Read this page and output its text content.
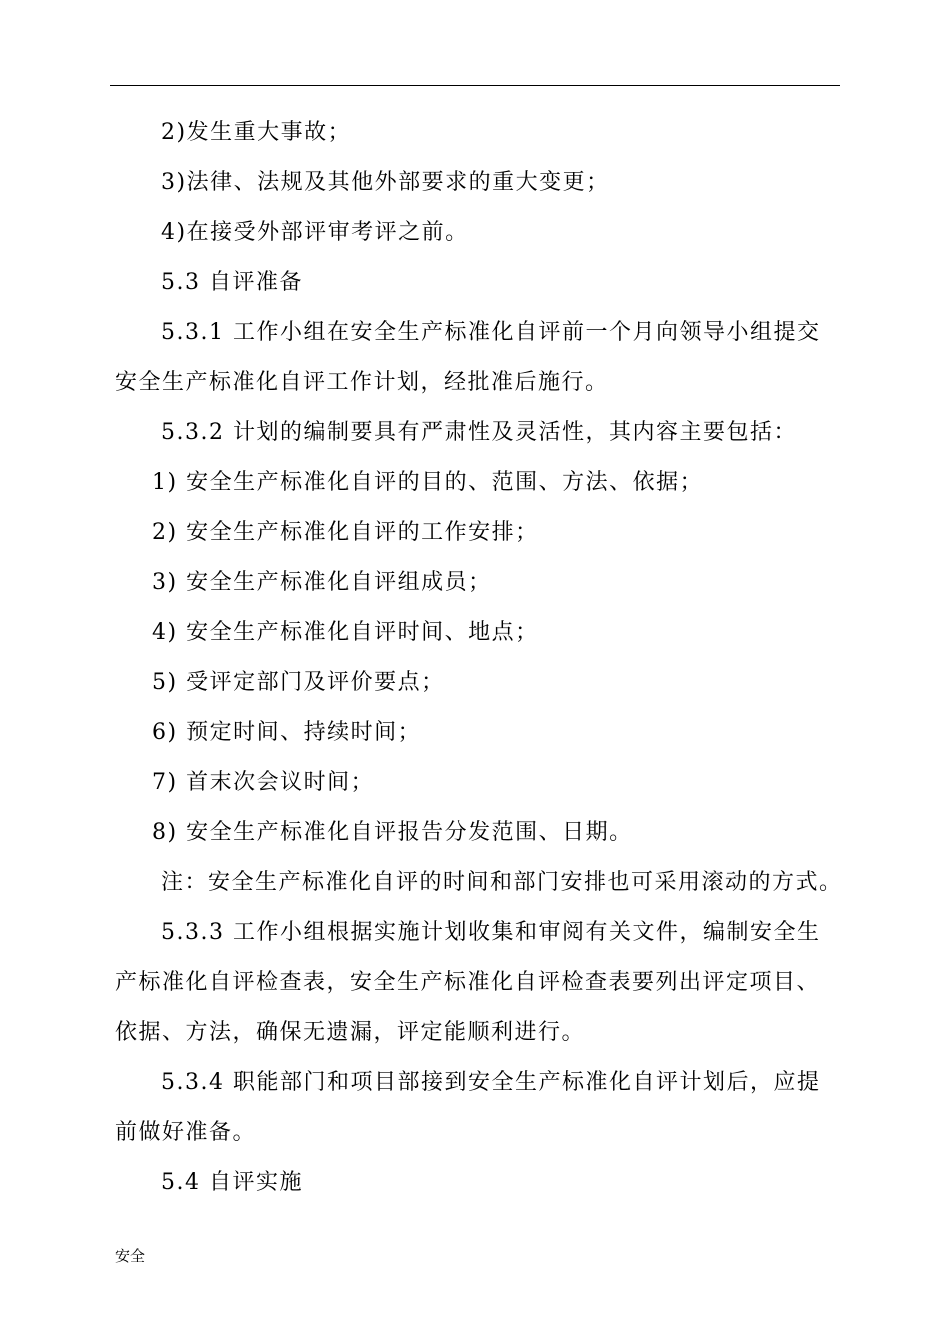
2)发生重大事故；
3)法律、法规及其他外部要求的重大变更；
4)在接受外部评审考评之前。
5.3 自评准备
5.3.1 工作小组在安全生产标准化自评前一个月向领导小组提交
安全生产标准化自评工作计划，经批准后施行。
5.3.2 计划的编制要具有严肃性及灵活性，其内容主要包括：
1) 安全生产标准化自评的目的、范围、方法、依据；
2) 安全生产标准化自评的工作安排；
3) 安全生产标准化自评组成员；
4) 安全生产标准化自评时间、地点；
5) 受评定部门及评价要点；
6) 预定时间、持续时间；
7) 首末次会议时间；
8) 安全生产标准化自评报告分发范围、日期。
注：安全生产标准化自评的时间和部门安排也可采用滚动的方式。
5.3.3 工作小组根据实施计划收集和审阅有关文件，编制安全生
产标准化自评检查表，安全生产标准化自评检查表要列出评定项目、
依据、方法，确保无遗漏，评定能顺利进行。
5.3.4 职能部门和项目部接到安全生产标准化自评计划后，应提
前做好准备。
5.4 自评实施
安全
